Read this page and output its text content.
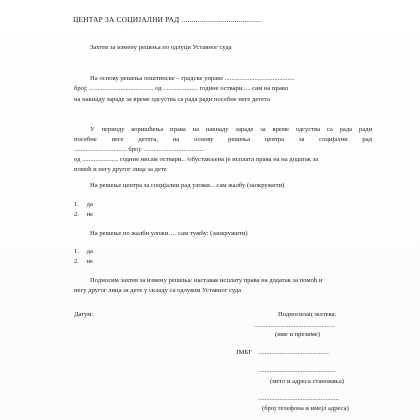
ЦЕНТАР ЗА СОЦИЈАЛНИ РАД .......................................
Захтев за измену решења по одлуци Уставног суда
На основу решења општинске – градске управе ..........................................
број: ....................................... од ..................... године оствари..... сам на право
на накнаду зараде за време одсуства са рада ради посебне неге детета
У периоду коришћења права на накнаду зараде за време одсуства са рада ради
посебне неге детета, на основу решења центра за социјални рад
................................ број: .....................................
од ...................... године нисам оствари.. /обустављена је исплата права на на додатак за
помоћ и негу другог лица за дете
На решење центра за социјални рад уложи... сам жалбу (заокружити)
1. да
2. не
На решење по жалби уложи…. сам тужбу: (заокружити)
1. да
2. не
Подносим захтев за измену решења/ наставак исплату права на додатак за помоћ и
негу другог лица за дете у складу са одлуком Уставног суда
Датум:	Подносилац захтева:
.................................................
(име и презиме)
ЈМБГ ...........................................
...............................................
(мето и адреса становања)
.................................................
(број телефона и имејл адреса)
